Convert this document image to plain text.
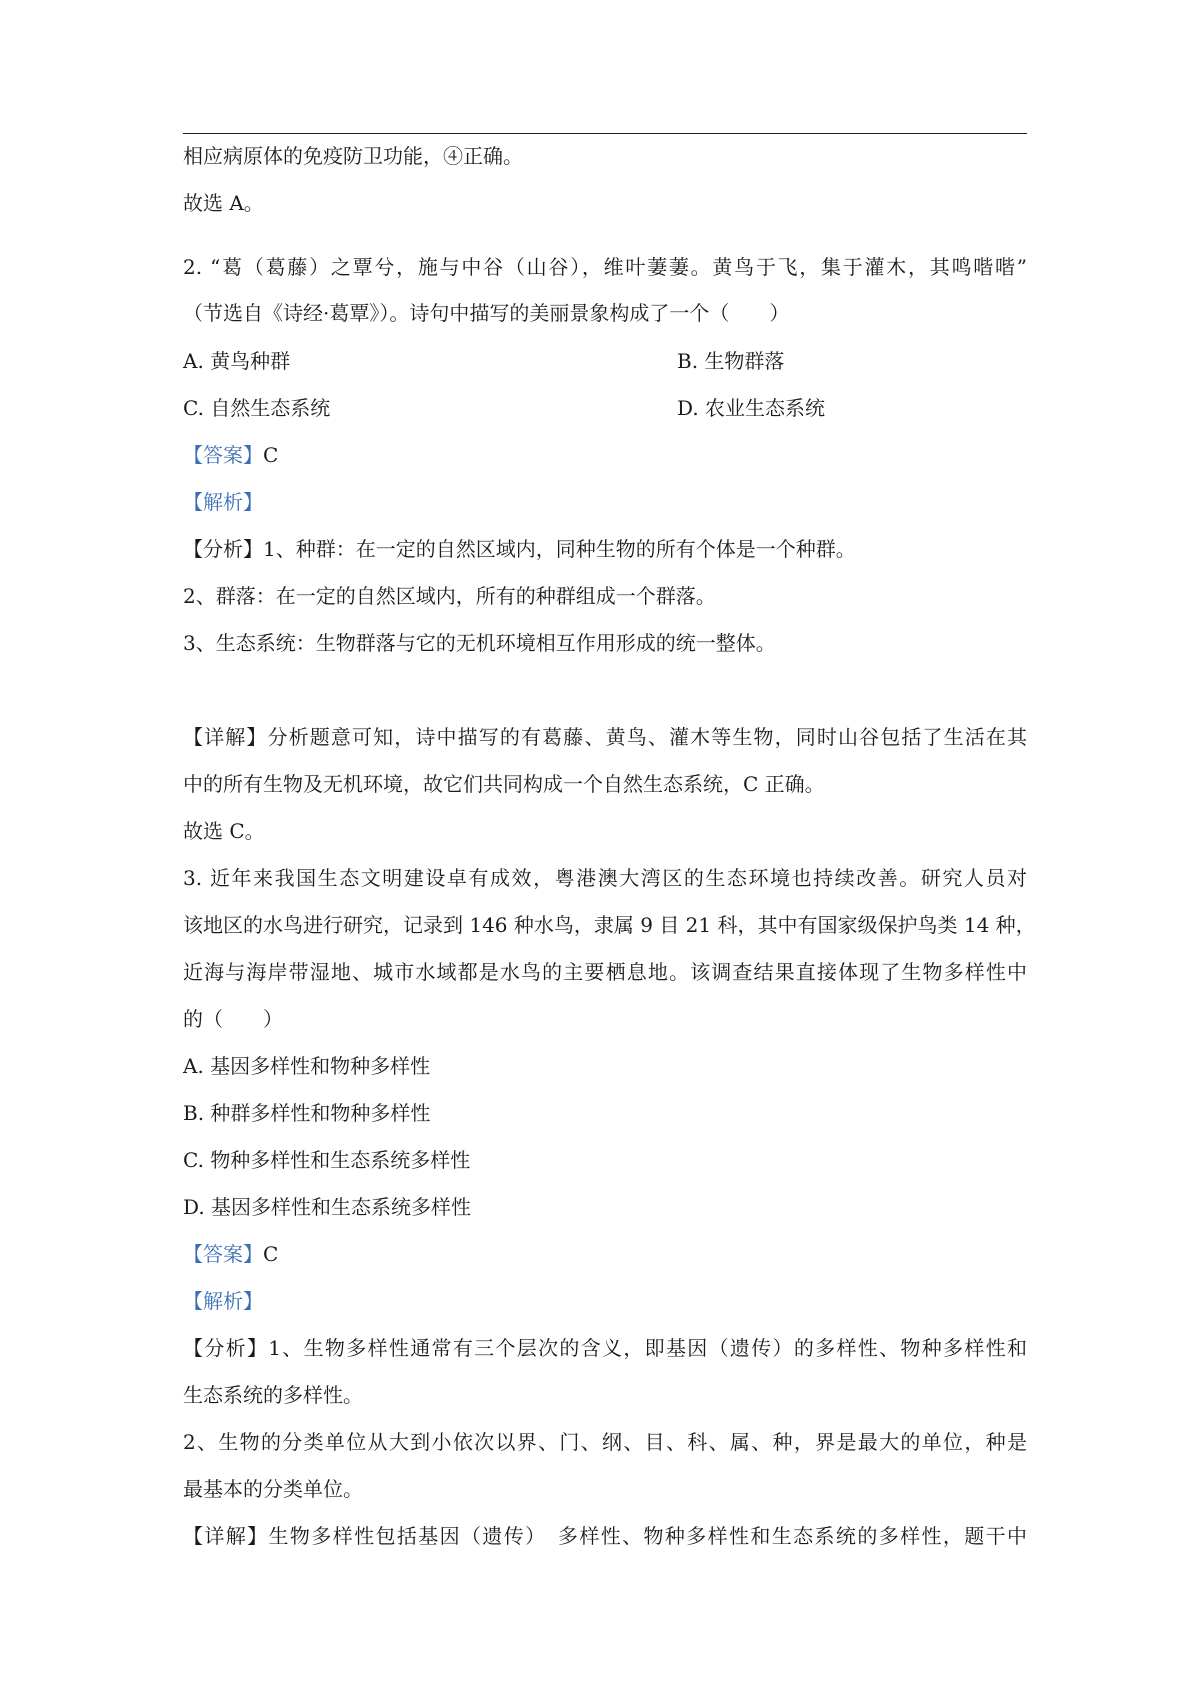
相应病原体的免疫防卫功能，④正确。
故选 A。
2. “葛（葛藤）之覃兮，施与中谷（山谷），维叶萋萋。黄鸟于飞，集于灌木，其鸣喈喈”
（节选自《诗经·葛覃》）。诗句中描写的美丽景象构成了一个（　　）
A. 黄鸟种群	B. 生物群落
C. 自然生态系统	D. 农业生态系统
【答案】C
【解析】
【分析】1、种群：在一定的自然区域内，同种生物的所有个体是一个种群。
2、群落：在一定的自然区域内，所有的种群组成一个群落。
3、生态系统：生物群落与它的无机环境相互作用形成的统一整体。
【详解】分析题意可知，诗中描写的有葛藤、黄鸟、灌木等生物，同时山谷包括了生活在其
中的所有生物及无机环境，故它们共同构成一个自然生态系统，C 正确。
故选 C。
3. 近年来我国生态文明建设卓有成效，粤港澳大湾区的生态环境也持续改善。研究人员对
该地区的水鸟进行研究，记录到 146 种水鸟，隶属 9 目 21 科，其中有国家级保护鸟类 14 种，
近海与海岸带湿地、城市水域都是水鸟的主要栖息地。该调查结果直接体现了生物多样性中
的（　　）
A. 基因多样性和物种多样性
B. 种群多样性和物种多样性
C. 物种多样性和生态系统多样性
D. 基因多样性和生态系统多样性
【答案】C
【解析】
【分析】1、生物多样性通常有三个层次的含义，即基因（遗传）的多样性、物种多样性和
生态系统的多样性。
2、生物的分类单位从大到小依次以界、门、纲、目、科、属、种，界是最大的单位，种是
最基本的分类单位。
【详解】生物多样性包括基因（遗传）　多样性、物种多样性和生态系统的多样性，题干中
